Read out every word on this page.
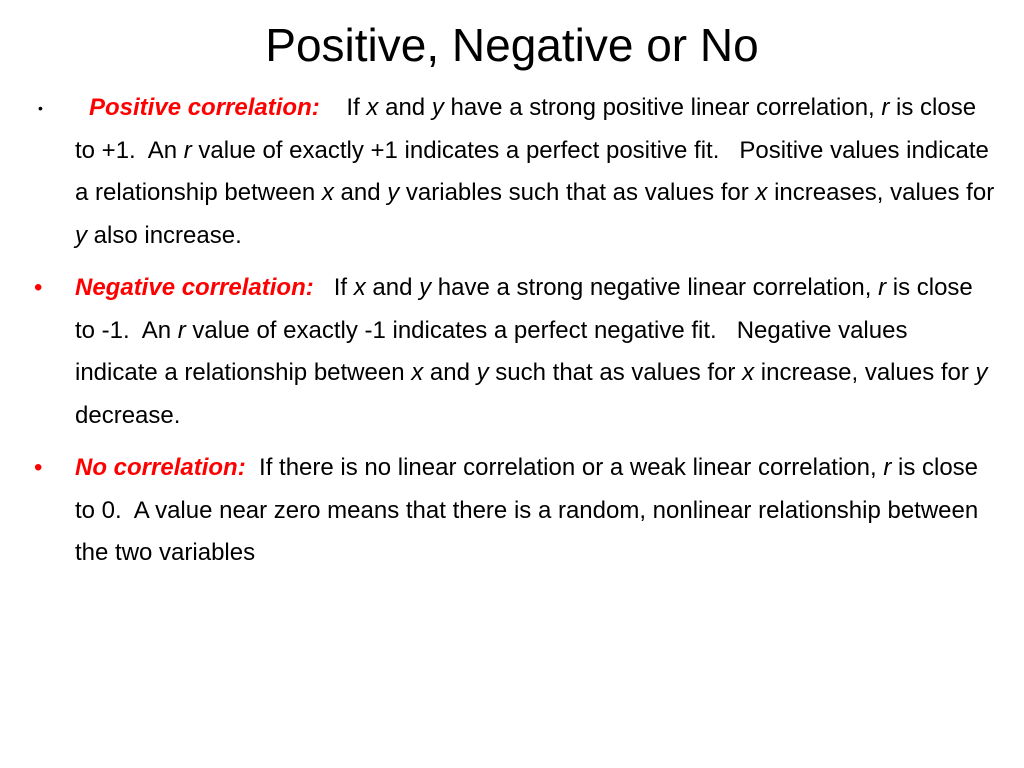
Positive, Negative or No
• Positive correlation:    If x and y have a strong positive linear correlation, r is close to +1.  An r value of exactly +1 indicates a perfect positive fit.   Positive values indicate a relationship between x and y variables such that as values for x increases, values for  y also increase.
• Negative correlation:   If x and y have a strong negative linear correlation, r is close to -1.  An r value of exactly -1 indicates a perfect negative fit.   Negative values indicate a relationship between x and y such that as values for x increase, values for y decrease.
• No correlation:  If there is no linear correlation or a weak linear correlation, r is close to 0.  A value near zero means that there is a random, nonlinear relationship between the two variables
